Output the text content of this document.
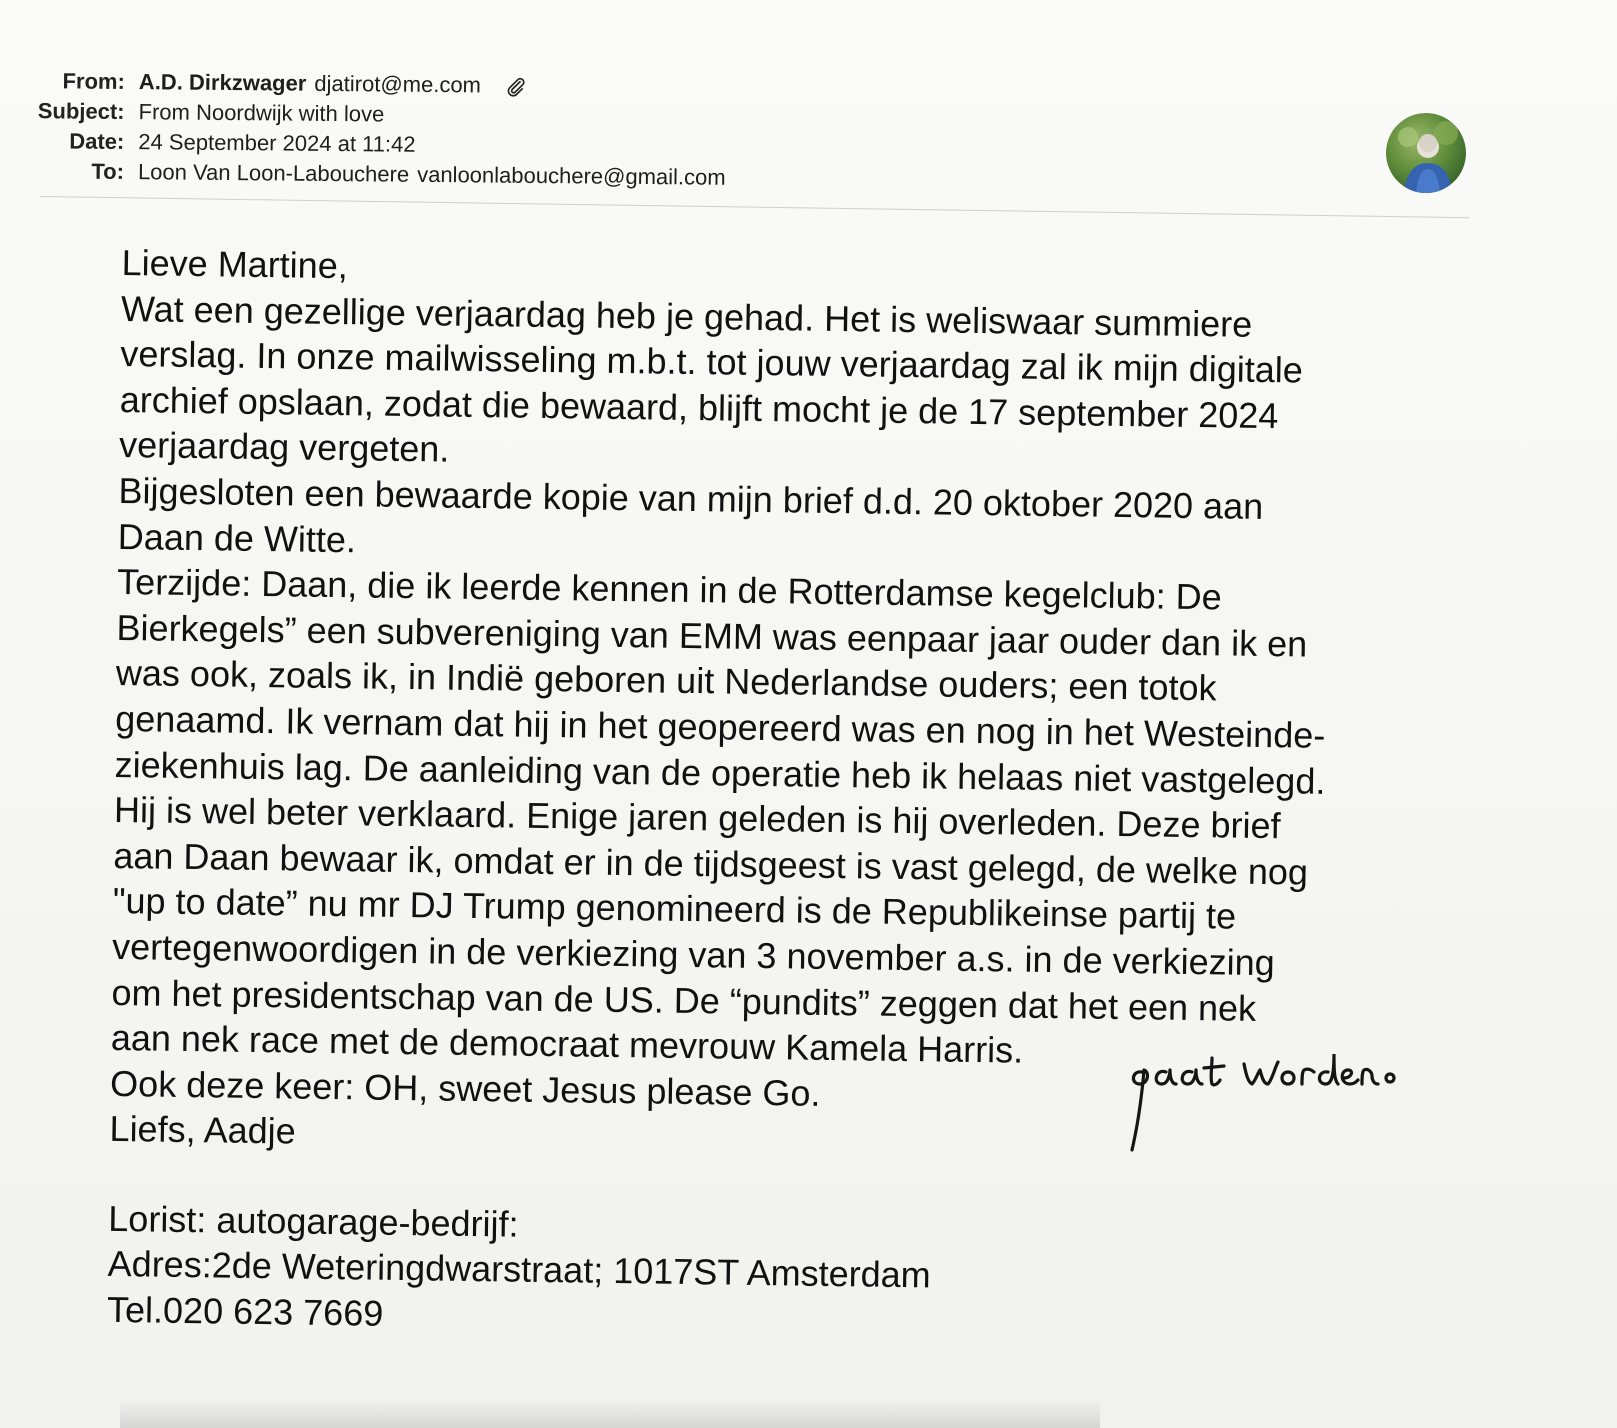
From: A.D. Dirkzwager djatirot@me.com
Subject: From Noordwijk with love
Date: 24 September 2024 at 11:42
To: Loon Van Loon-Labouchere vanloonlabouchere@gmail.com

Lieve Martine,

Wat een gezellige verjaardag heb je gehad. Het is weliswaar summiere

verslag. In onze mailwisseling m.b.t. tot jouw verjaardag zal ik mijn digitale

archief opslaan, zodat die bewaard, blijft mocht je de 17 september 2024

verjaardag vergeten.

Bijgesloten een bewaarde kopie van mijn brief d.d. 20 oktober 2020 aan

Daan de Witte.

Terzijde: Daan, die ik leerde kennen in de Rotterdamse kegelclub: De

Bierkegels” een subvereniging van EMM was eenpaar jaar ouder dan ik en

was ook, zoals ik, in Indië geboren uit Nederlandse ouders; een totok

genaamd. Ik vernam dat hij in het geopereerd was en nog in het Westeinde-

ziekenhuis lag. De aanleiding van de operatie heb ik helaas niet vastgelegd.

Hij is wel beter verklaard. Enige jaren geleden is hij overleden. Deze brief

aan Daan bewaar ik, omdat er in de tijdsgeest is vast gelegd, de welke nog

"up to date” nu mr DJ Trump genomineerd is de Republikeinse partij te

vertegenwoordigen in de verkiezing van 3 november a.s. in de verkiezing

om het presidentschap van de US. De “pundits” zeggen dat het een nek

aan nek race met de democraat mevrouw Kamela Harris.

Ook deze keer: OH, sweet Jesus please Go.

Liefs, Aadje

Lorist: autogarage-bedrijf:

Adres:2de Weteringdwarstraat; 1017ST Amsterdam

Tel.020 623 7669
